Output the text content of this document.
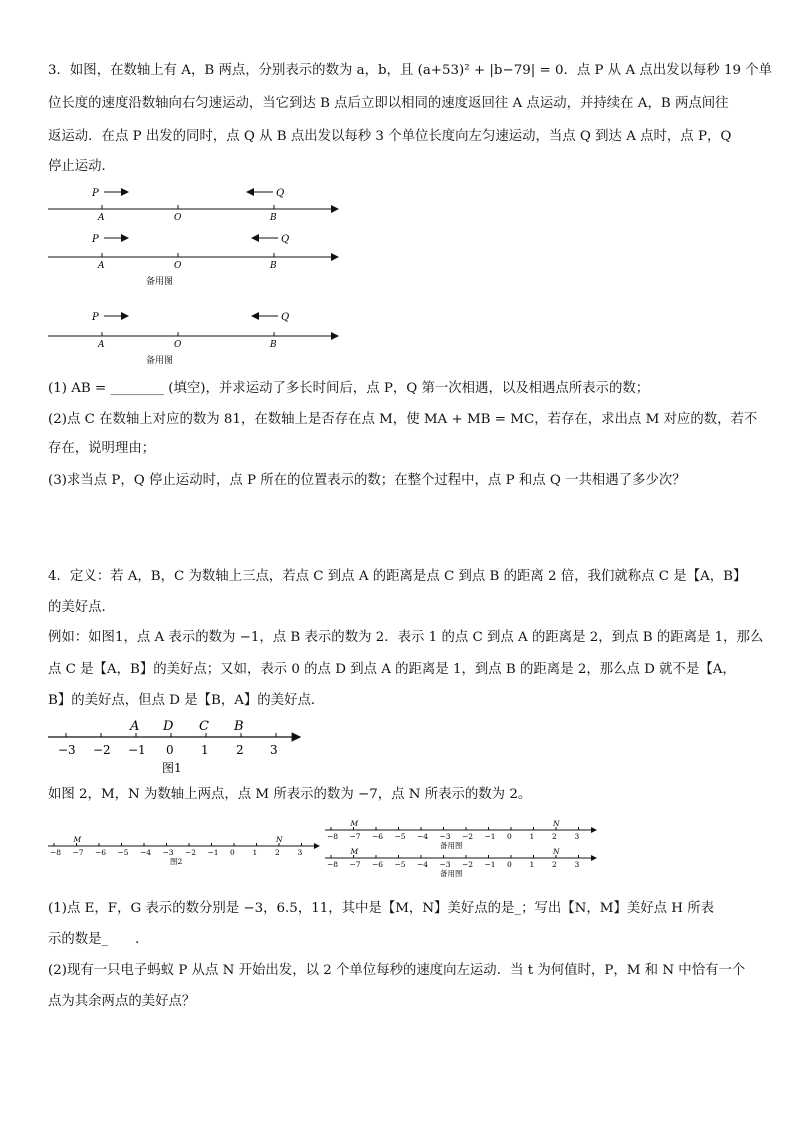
3．如图，在数轴上有 A，B 两点，分别表示的数为 a，b，且 (a+53)² + |b−79| = 0．点 P 从 A 点出发以每秒 19 个单
位长度的速度沿数轴向右匀速运动，当它到达 B 点后立即以相同的速度返回往 A 点运动，并持续在 A，B 两点间往
返运动．在点 P 出发的同时，点 Q 从 B 点出发以每秒 3 个单位长度向左匀速运动，当点 Q 到达 A 点时，点 P，Q
停止运动．
P	Q
A	O	B
P	Q
A	O	B
备用图
P	Q
A	O	B
备用图
(1) AB = ________ (填空)，并求运动了多长时间后，点 P，Q 第一次相遇，以及相遇点所表示的数；
(2)点 C 在数轴上对应的数为 81，在数轴上是否存在点 M，使 MA + MB = MC，若存在，求出点 M 对应的数，若不
存在，说明理由；
(3)求当点 P，Q 停止运动时，点 P 所在的位置表示的数；在整个过程中，点 P 和点 Q 一共相遇了多少次？
4．定义：若 A，B，C 为数轴上三点，若点 C 到点 A 的距离是点 C 到点 B 的距离 2 倍，我们就称点 C 是【A，B】
的美好点．
例如：如图1，点 A 表示的数为 −1，点 B 表示的数为 2．表示 1 的点 C 到点 A 的距离是 2，到点 B 的距离是 1，那么
点 C 是【A，B】的美好点；又如，表示 0 的点 D 到点 A 的距离是 1，到点 B 的距离是 2，那么点 D 就不是【A，
B】的美好点，但点 D 是【B，A】的美好点．
A D C B
−3 −2 −1 0 1 2 3
图1
如图 2，M，N 为数轴上两点，点 M 所表示的数为 −7，点 N 所表示的数为 2。
−8 −7 −6 −5 −4 −3 −2 −1 0 1 2 3
M	N
图2
−8 −7 −6 −5 −4 −3 −2 −1 0 1 2 3
M	N
备用图
−8 −7 −6 −5 −4 −3 −2 −1 0 1 2 3
M	N
备用图
(1)点 E，F，G 表示的数分别是 −3，6.5，11，其中是【M，N】美好点的是_；写出【N，M】美好点 H 所表
示的数是_　　.
(2)现有一只电子蚂蚁 P 从点 N 开始出发，以 2 个单位每秒的速度向左运动．当 t 为何值时，P，M 和 N 中恰有一个
点为其余两点的美好点？
